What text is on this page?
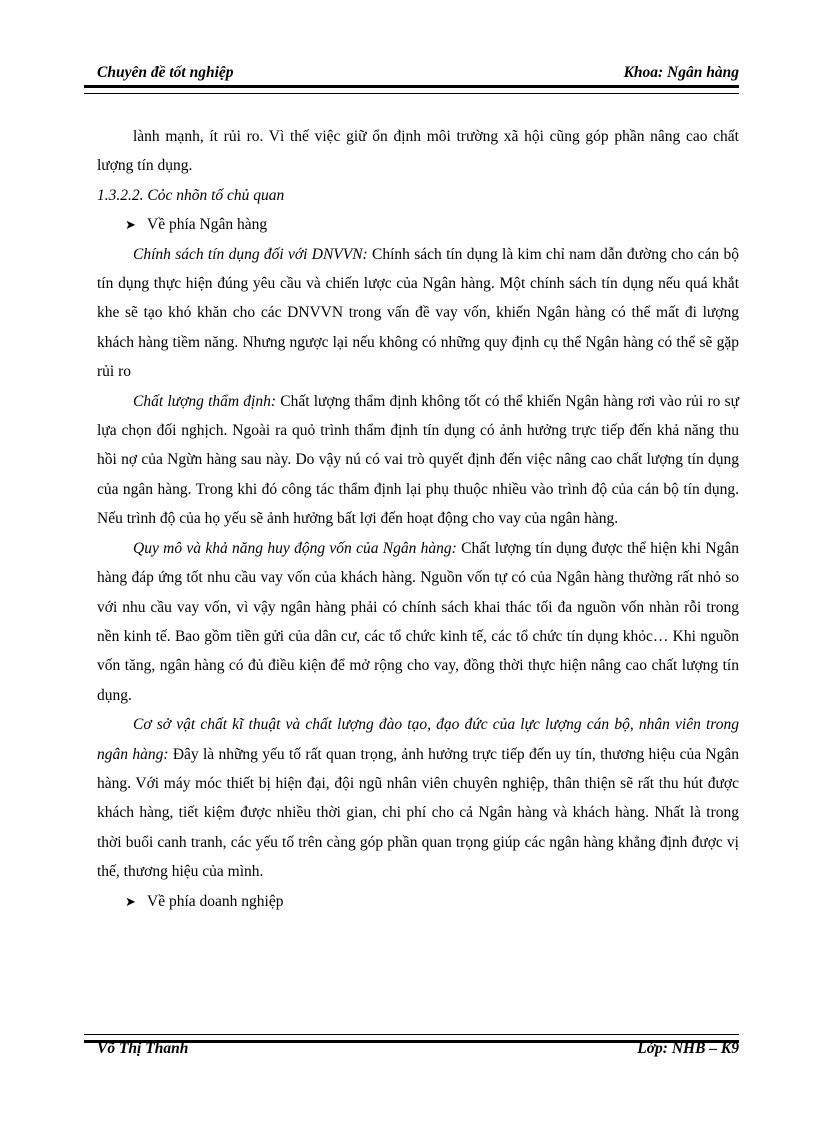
Chuyên đề tốt nghiệp	Khoa: Ngân hàng

lành mạnh, ít rủi ro. Vì thế việc giữ ổn định môi trường xã hội cũng góp phần nâng cao chất lượng tín dụng.

1.3.2.2. Cỏc nhõn tố chủ quan

➤ Về phía Ngân hàng

Chính sách tín dụng đối với DNVVN: Chính sách tín dụng là kim chỉ nam dẫn đường cho cán bộ tín dụng thực hiện đúng yêu cầu và chiến lược của Ngân hàng. Một chính sách tín dụng nếu quá khắt khe sẽ tạo khó khăn cho các DNVVN trong vấn đề vay vốn, khiến Ngân hàng có thể mất đi lượng khách hàng tiềm năng. Nhưng ngược lại nếu không có những quy định cụ thể Ngân hàng có thể sẽ gặp rủi ro

Chất lượng thẩm định: Chất lượng thẩm định không tốt có thể khiến Ngân hàng rơi vào rủi ro sự lựa chọn đối nghịch. Ngoài ra quỏ trình thẩm định tín dụng có ảnh hưởng trực tiếp đến khả năng thu hồi nợ của Ngừn hàng sau này. Do vậy nú có vai trò quyết định đến việc nâng cao chất lượng tín dụng của ngân hàng. Trong khi đó công tác thẩm định lại phụ thuộc nhiều vào trình độ của cán bộ tín dụng. Nếu trình độ của họ yếu sẽ ảnh hưởng bất lợi đến hoạt động cho vay của ngân hàng.

Quy mô và khả năng huy động vốn của Ngân hàng: Chất lượng tín dụng được thể hiện khi Ngân hàng đáp ứng tốt nhu cầu vay vốn của khách hàng. Nguồn vốn tự có của Ngân hàng thường rất nhỏ so với nhu cầu vay vốn, vì vậy ngân hàng phải có chính sách khai thác tối đa nguồn vốn nhàn rỗi trong nền kinh tế. Bao gồm tiền gửi của dân cư, các tổ chức kinh tế, các tổ chức tín dụng khỏc… Khi nguồn vốn tăng, ngân hàng có đủ điều kiện để mở rộng cho vay, đồng thời thực hiện nâng cao chất lượng tín dụng.

Cơ sở vật chất kĩ thuật và chất lượng đào tạo, đạo đức của lực lượng cán bộ, nhân viên trong ngân hàng: Đây là những yếu tố rất quan trọng, ảnh hưởng trực tiếp đến uy tín, thương hiệu của Ngân hàng. Với máy móc thiết bị hiện đại, đội ngũ nhân viên chuyên nghiệp, thân thiện sẽ rất thu hút được khách hàng, tiết kiệm được nhiều thời gian, chi phí cho cả Ngân hàng và khách hàng. Nhất là trong thời buổi canh tranh, các yếu tố trên càng góp phần quan trọng giúp các ngân hàng khẳng định được vị thế, thương hiệu của mình.

➤ Về phía doanh nghiệp

Võ Thị Thanh	Lớp: NHB – K9
